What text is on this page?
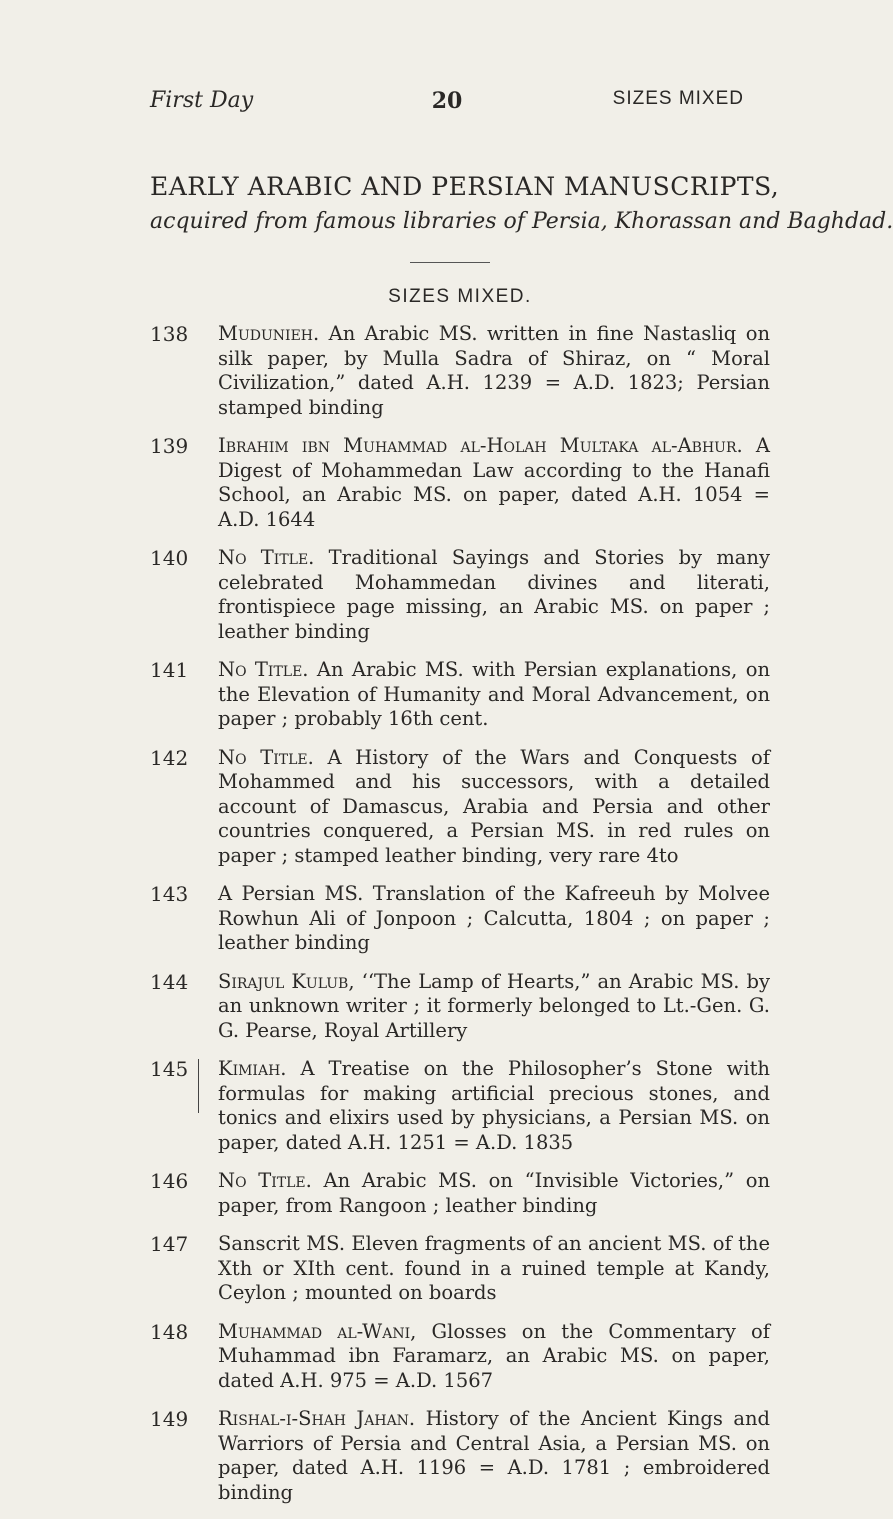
First Day	20	SIZES MIXED
EARLY ARABIC AND PERSIAN MANUSCRIPTS,
acquired from famous libraries of Persia, Khorassan and Baghdad.
SIZES MIXED.
138	Mudunieh. An Arabic MS. written in fine Nastasliq on silk paper, by Mulla Sadra of Shiraz, on “ Moral Civilization,” dated A.H. 1239 = A.D. 1823; Persian stamped binding
139	Ibrahim ibn Muhammad al-Holah Multaka al-Abhur. A Digest of Mohammedan Law according to the Hanafi School, an Arabic MS. on paper, dated A.H. 1054 = A.D. 1644
140	No Title. Traditional Sayings and Stories by many celebrated Mohammedan divines and literati, frontispiece page missing, an Arabic MS. on paper ; leather binding
141	No Title. An Arabic MS. with Persian explanations, on the Elevation of Humanity and Moral Advancement, on paper ; probably 16th cent.
142	No Title. A History of the Wars and Conquests of Mohammed and his successors, with a detailed account of Damascus, Arabia and Persia and other countries conquered, a Persian MS. in red rules on paper ; stamped leather binding, very rare 4to
143	A Persian MS. Translation of the Kafreeuh by Molvee Rowhun Ali of Jonpoon ; Calcutta, 1804 ; on paper ; leather binding
144	Sirajul Kulub, ‘‘The Lamp of Hearts,” an Arabic MS. by an unknown writer ; it formerly belonged to Lt.-Gen. G. G. Pearse, Royal Artillery
145	Kimiah. A Treatise on the Philosopher’s Stone with formulas for making artificial precious stones, and tonics and elixirs used by physicians, a Persian MS. on paper, dated A.H. 1251 = A.D. 1835
146	No Title. An Arabic MS. on “Invisible Victories,” on paper, from Rangoon ; leather binding
147	Sanscrit MS. Eleven fragments of an ancient MS. of the Xth or XIth cent. found in a ruined temple at Kandy, Ceylon ; mounted on boards
148	Muhammad al-Wani, Glosses on the Commentary of Muhammad ibn Faramarz, an Arabic MS. on paper, dated A.H. 975 = A.D. 1567
149	Rishal-i-Shah Jahan. History of the Ancient Kings and Warriors of Persia and Central Asia, a Persian MS. on paper, dated A.H. 1196 = A.D. 1781 ; embroidered binding
